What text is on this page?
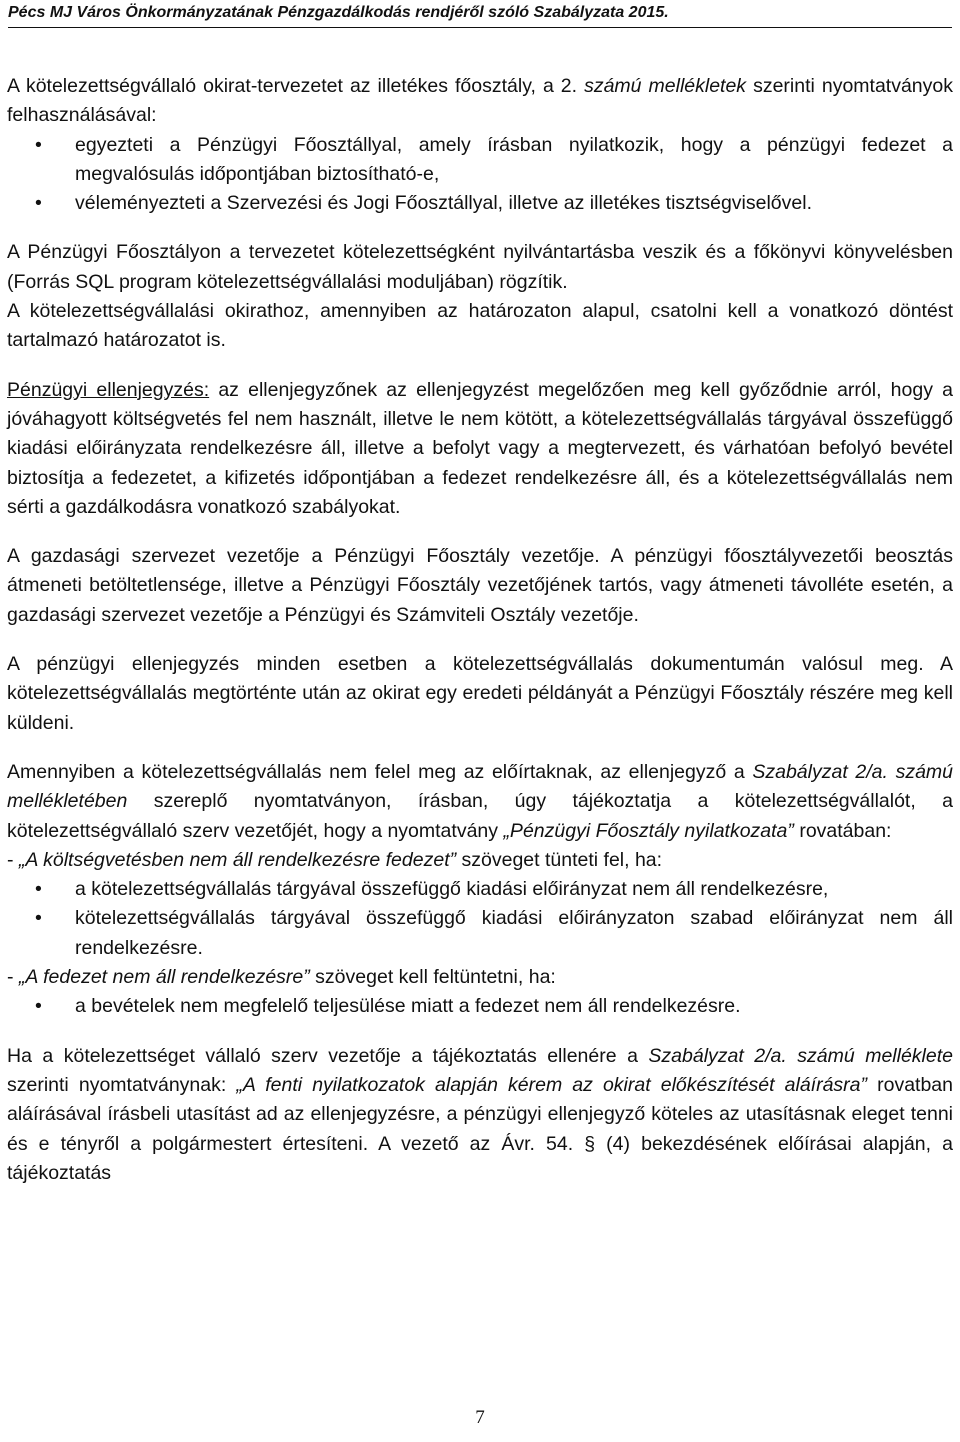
Pécs MJ Város Önkormányzatának Pénzgazdálkodás rendjéről szóló Szabályzata 2015.

A kötelezettségvállaló okirat-tervezetet az illetékes főosztály, a 2. számú mellékletek szerinti nyomtatványok felhasználásával:

• egyezteti a Pénzügyi Főosztállyal, amely írásban nyilatkozik, hogy a pénzügyi fedezet a megvalósulás időpontjában biztosítható-e,
• véleményezteti a Szervezési és Jogi Főosztállyal, illetve az illetékes tisztségviselővel.

A Pénzügyi Főosztályon a tervezetet kötelezettségként nyilvántartásba veszik és a főkönyvi könyvelésben (Forrás SQL program kötelezettségvállalási moduljában) rögzítik.

A kötelezettségvállalási okirathoz, amennyiben az határozaton alapul, csatolni kell a vonatkozó döntést tartalmazó határozatot is.

Pénzügyi ellenjegyzés: az ellenjegyzőnek az ellenjegyzést megelőzően meg kell győződnie arról, hogy a jóváhagyott költségvetés fel nem használt, illetve le nem kötött, a kötelezettségvállalás tárgyával összefüggő kiadási előirányzata rendelkezésre áll, illetve a befolyt vagy a megtervezett, és várhatóan befolyó bevétel biztosítja a fedezetet, a kifizetés időpontjában a fedezet rendelkezésre áll, és a kötelezettségvállalás nem sérti a gazdálkodásra vonatkozó szabályokat.

A gazdasági szervezet vezetője a Pénzügyi Főosztály vezetője. A pénzügyi főosztályvezetői beosztás átmeneti betöltetlensége, illetve a Pénzügyi Főosztály vezetőjének tartós, vagy átmeneti távolléte esetén, a gazdasági szervezet vezetője a Pénzügyi és Számviteli Osztály vezetője.

A pénzügyi ellenjegyzés minden esetben a kötelezettségvállalás dokumentumán valósul meg. A kötelezettségvállalás megtörténte után az okirat egy eredeti példányát a Pénzügyi Főosztály részére meg kell küldeni.

Amennyiben a kötelezettségvállalás nem felel meg az előírtaknak, az ellenjegyző a Szabályzat 2/a. számú mellékletében szereplő nyomtatványon, írásban, úgy tájékoztatja a kötelezettségvállalót, a kötelezettségvállaló szerv vezetőjét, hogy a nyomtatvány „Pénzügyi Főosztály nyilatkozata” rovatában:

- „A költségvetésben nem áll rendelkezésre fedezet” szöveget tünteti fel, ha:

• a kötelezettségvállalás tárgyával összefüggő kiadási előirányzat nem áll rendelkezésre,
• kötelezettségvállalás tárgyával összefüggő kiadási előirányzaton szabad előirányzat nem áll rendelkezésre.

- „A fedezet nem áll rendelkezésre” szöveget kell feltüntetni, ha:

• a bevételek nem megfelelő teljesülése miatt a fedezet nem áll rendelkezésre.

Ha a kötelezettséget vállaló szerv vezetője a tájékoztatás ellenére a Szabályzat 2/a. számú melléklete szerinti nyomtatványnak: „A fenti nyilatkozatok alapján kérem az okirat előkészítését aláírásra” rovatban aláírásával írásbeli utasítást ad az ellenjegyzésre, a pénzügyi ellenjegyző köteles az utasításnak eleget tenni és e tényről a polgármestert értesíteni. A vezető az Ávr. 54. § (4) bekezdésének előírásai alapján, a tájékoztatás

7
